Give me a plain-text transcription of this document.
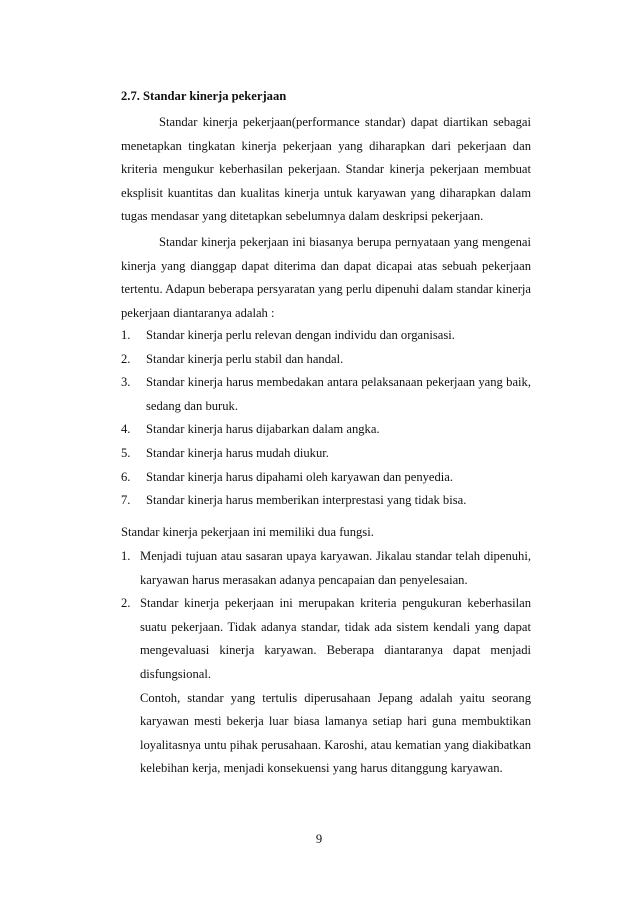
2.7. Standar kinerja pekerjaan
Standar kinerja pekerjaan(performance standar) dapat diartikan sebagai menetapkan tingkatan kinerja pekerjaan yang diharapkan dari pekerjaan dan kriteria mengukur keberhasilan pekerjaan. Standar kinerja pekerjaan membuat eksplisit kuantitas dan kualitas kinerja untuk karyawan yang diharapkan dalam tugas mendasar yang ditetapkan sebelumnya dalam deskripsi pekerjaan.
Standar kinerja pekerjaan ini biasanya berupa pernyataan yang mengenai kinerja yang dianggap dapat diterima dan dapat dicapai atas sebuah pekerjaan tertentu. Adapun beberapa persyaratan yang perlu dipenuhi dalam standar kinerja pekerjaan diantaranya adalah :
1. Standar kinerja perlu relevan dengan individu dan organisasi.
2. Standar kinerja perlu stabil dan handal.
3. Standar kinerja harus membedakan antara pelaksanaan pekerjaan yang baik, sedang dan buruk.
4. Standar kinerja harus dijabarkan dalam angka.
5. Standar kinerja harus mudah diukur.
6. Standar kinerja harus dipahami oleh karyawan dan penyedia.
7. Standar kinerja harus memberikan interprestasi yang tidak bisa.
Standar kinerja pekerjaan ini memiliki dua fungsi.
1. Menjadi tujuan atau sasaran upaya karyawan. Jikalau standar telah dipenuhi, karyawan harus merasakan adanya pencapaian dan penyelesaian.
2. Standar kinerja pekerjaan ini merupakan kriteria pengukuran keberhasilan suatu pekerjaan. Tidak adanya standar, tidak ada sistem kendali yang dapat mengevaluasi kinerja karyawan. Beberapa diantaranya dapat menjadi disfungsional.
Contoh, standar yang tertulis diperusahaan Jepang adalah yaitu seorang karyawan mesti bekerja luar biasa lamanya setiap hari guna membuktikan loyalitasnya untu pihak perusahaan. Karoshi, atau kematian yang diakibatkan kelebihan kerja, menjadi konsekuensi yang harus ditanggung karyawan.
9
